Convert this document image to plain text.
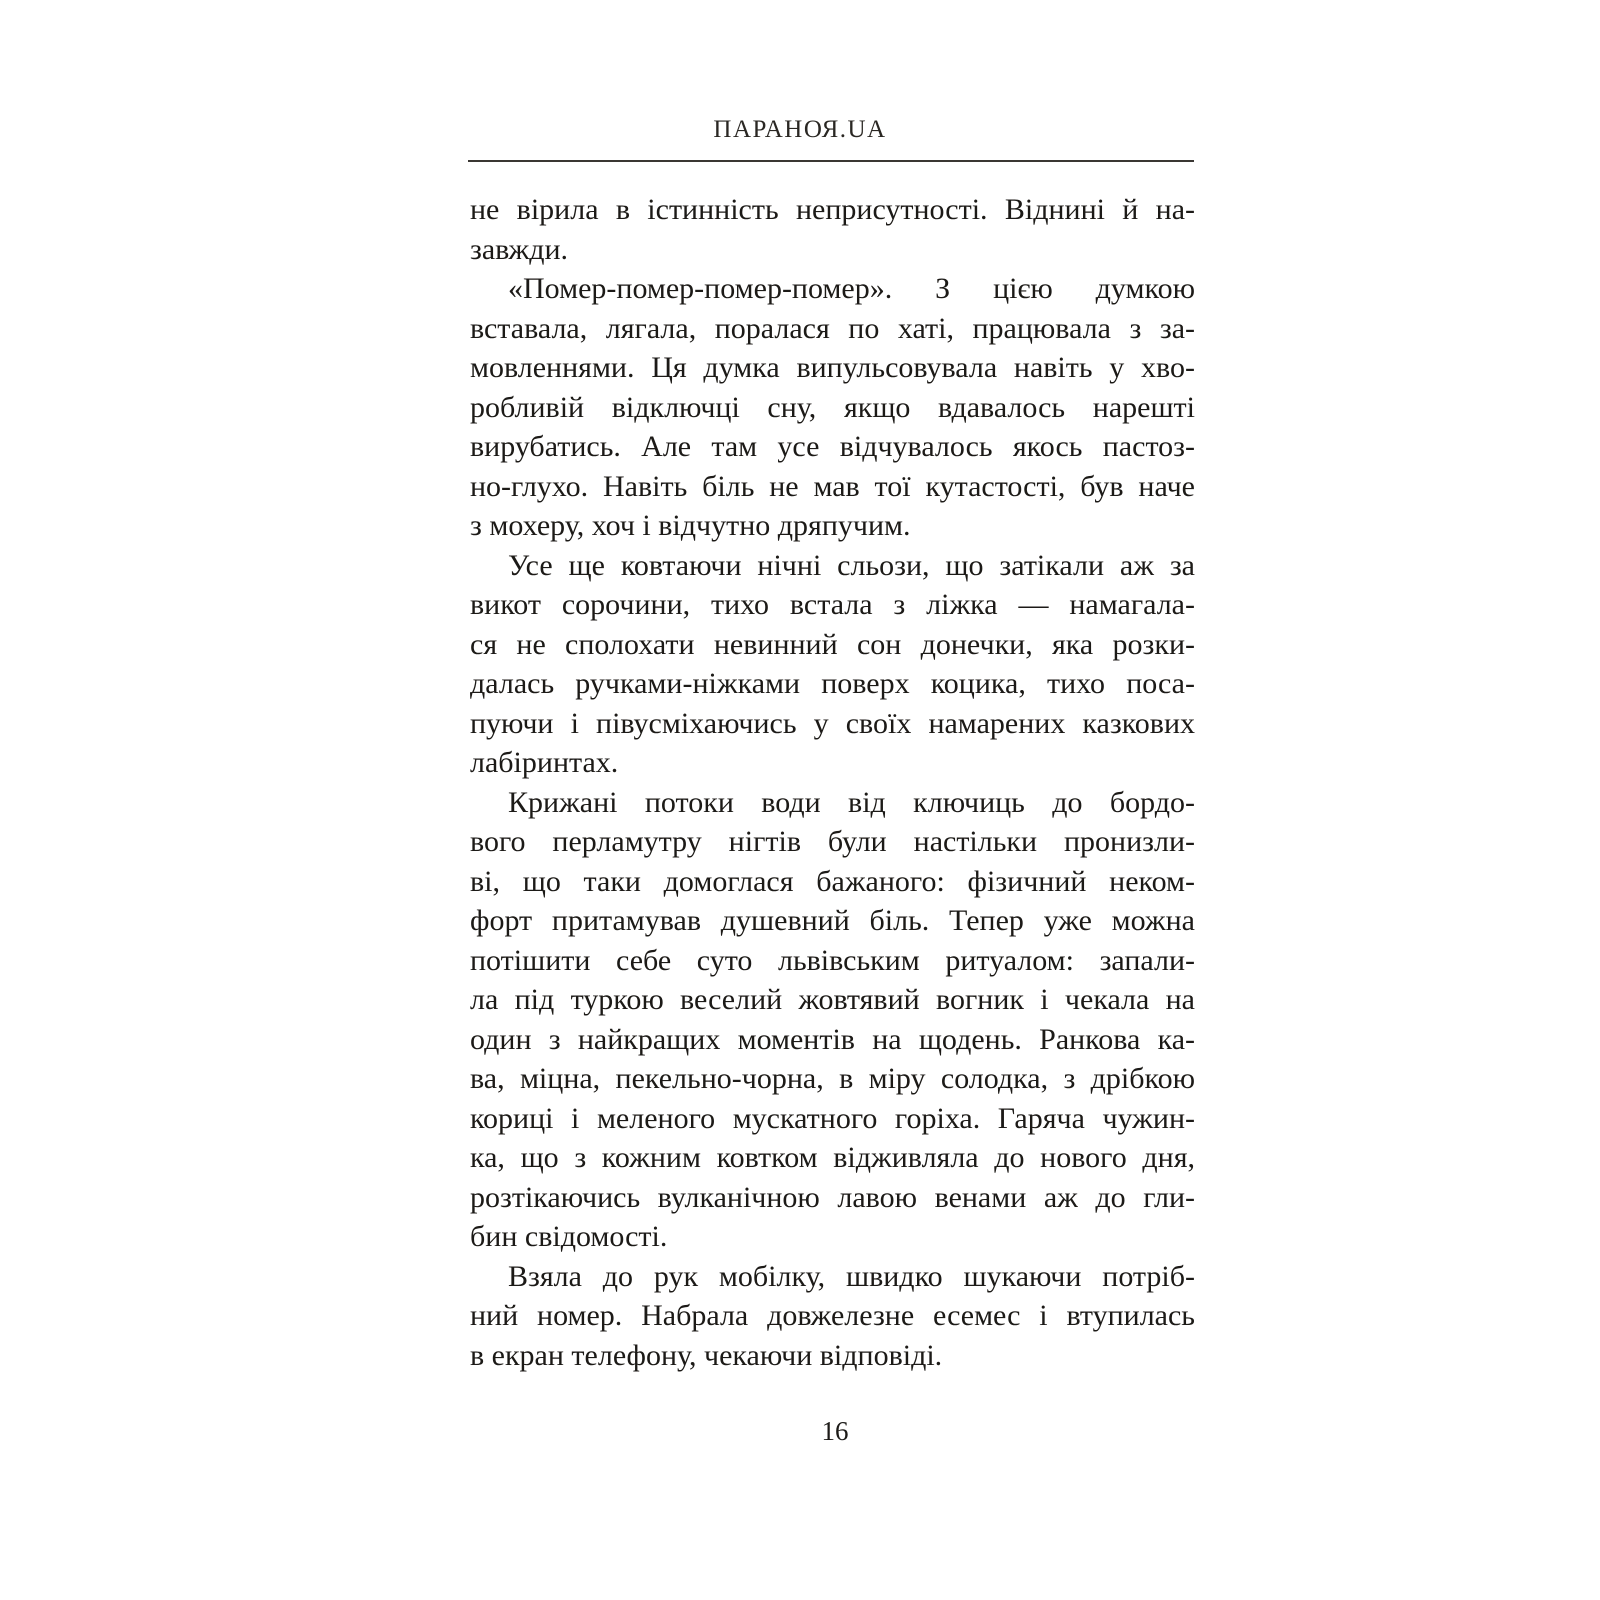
ПАРАНОЯ.UA
не вірила в істинність неприсутності. Віднині й на-
завжди.
«Помер-помер-помер-помер». З цією думкою
вставала, лягала, поралася по хаті, працювала з за-
мовленнями. Ця думка випульсовувала навіть у хво-
робливій відключці сну, якщо вдавалось нарешті
вирубатись. Але там усе відчувалось якось пастоз-
но-глухо. Навіть біль не мав тої кутастості, був наче
з мохеру, хоч і відчутно дряпучим.
Усе ще ковтаючи нічні сльози, що затікали аж за
викот сорочини, тихо встала з ліжка — намагала-
ся не сполохати невинний сон донечки, яка розки-
далась ручками-ніжками поверх коцика, тихо поса-
пуючи і півусміхаючись у своїх намарених казкових
лабіринтах.
Крижані потоки води від ключиць до бордо-
вого перламутру нігтів були настільки пронизли-
ві, що таки домоглася бажаного: фізичний неком-
форт притамував душевний біль. Тепер уже можна
потішити себе суто львівським ритуалом: запали-
ла під туркою веселий жовтявий вогник і чекала на
один з найкращих моментів на щодень. Ранкова ка-
ва, міцна, пекельно-чорна, в міру солодка, з дрібкою
кориці і меленого мускатного горіха. Гаряча чужин-
ка, що з кожним ковтком відживляла до нового дня,
розтікаючись вулканічною лавою венами аж до гли-
бин свідомості.
Взяла до рук мобілку, швидко шукаючи потріб-
ний номер. Набрала довжелезне есемес і втупилась
в екран телефону, чекаючи відповіді.
16
